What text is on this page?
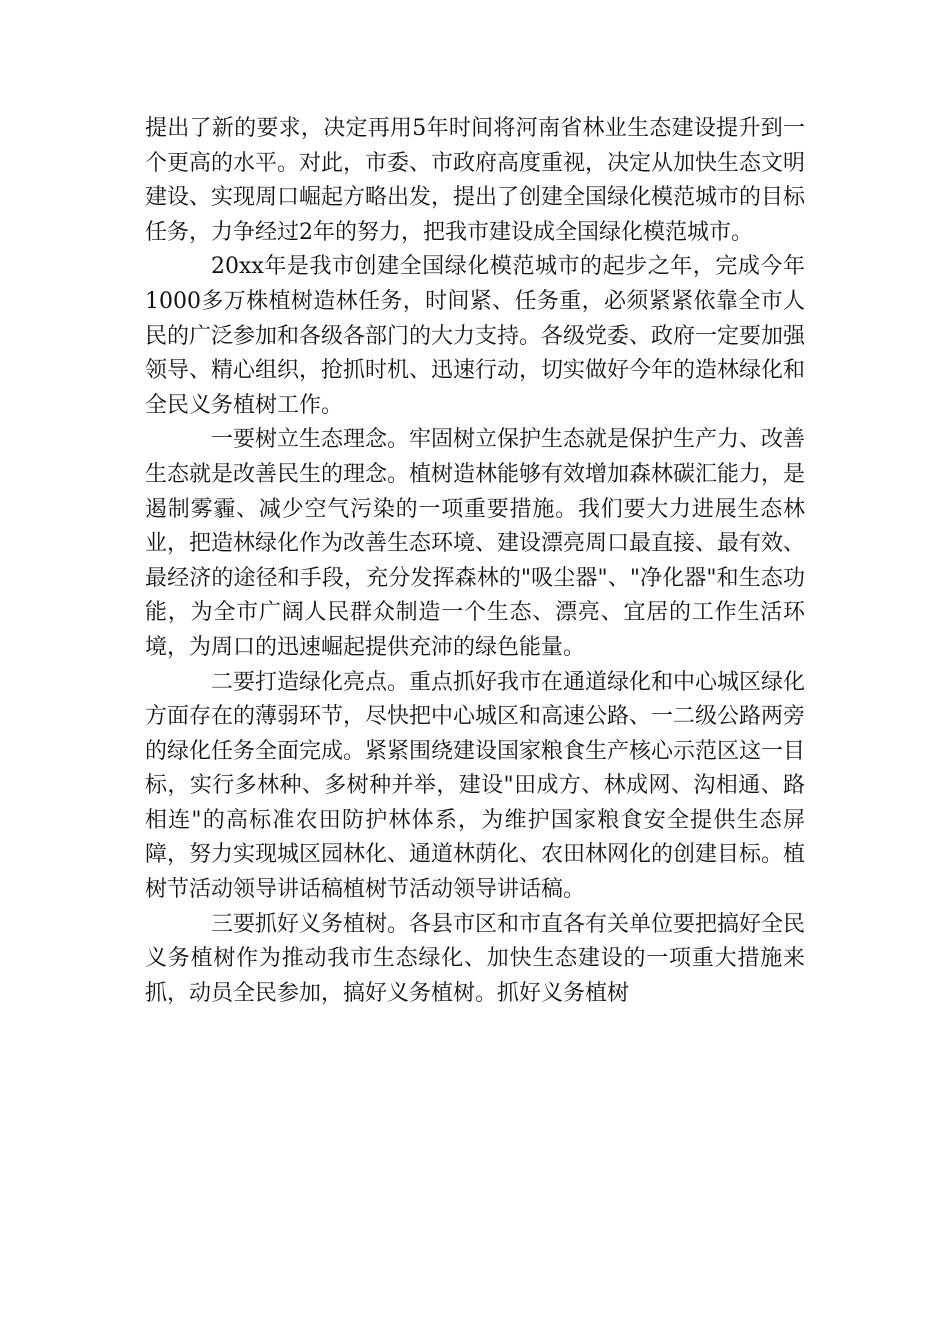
提出了新的要求，决定再用5年时间将河南省林业生态建设提升到一个更高的水平。对此，市委、市政府高度重视，决定从加快生态文明建设、实现周口崛起方略出发，提出了创建全国绿化模范城市的目标任务，力争经过2年的努力，把我市建设成全国绿化模范城市。

20xx年是我市创建全国绿化模范城市的起步之年，完成今年1000多万株植树造林任务，时间紧、任务重，必须紧紧依靠全市人民的广泛参加和各级各部门的大力支持。各级党委、政府一定要加强领导、精心组织，抢抓时机、迅速行动，切实做好今年的造林绿化和全民义务植树工作。

一要树立生态理念。牢固树立保护生态就是保护生产力、改善生态就是改善民生的理念。植树造林能够有效增加森林碳汇能力，是遏制雾霾、减少空气污染的一项重要措施。我们要大力进展生态林业，把造林绿化作为改善生态环境、建设漂亮周口最直接、最有效、最经济的途径和手段，充分发挥森林的"吸尘器"、"净化器"和生态功能，为全市广阔人民群众制造一个生态、漂亮、宜居的工作生活环境，为周口的迅速崛起提供充沛的绿色能量。

二要打造绿化亮点。重点抓好我市在通道绿化和中心城区绿化方面存在的薄弱环节，尽快把中心城区和高速公路、一二级公路两旁的绿化任务全面完成。紧紧围绕建设国家粮食生产核心示范区这一目标，实行多林种、多树种并举，建设"田成方、林成网、沟相通、路相连"的高标准农田防护林体系，为维护国家粮食安全提供生态屏障，努力实现城区园林化、通道林荫化、农田林网化的创建目标。植树节活动领导讲话稿植树节活动领导讲话稿。

三要抓好义务植树。各县市区和市直各有关单位要把搞好全民义务植树作为推动我市生态绿化、加快生态建设的一项重大措施来抓，动员全民参加，搞好义务植树。抓好义务植树
